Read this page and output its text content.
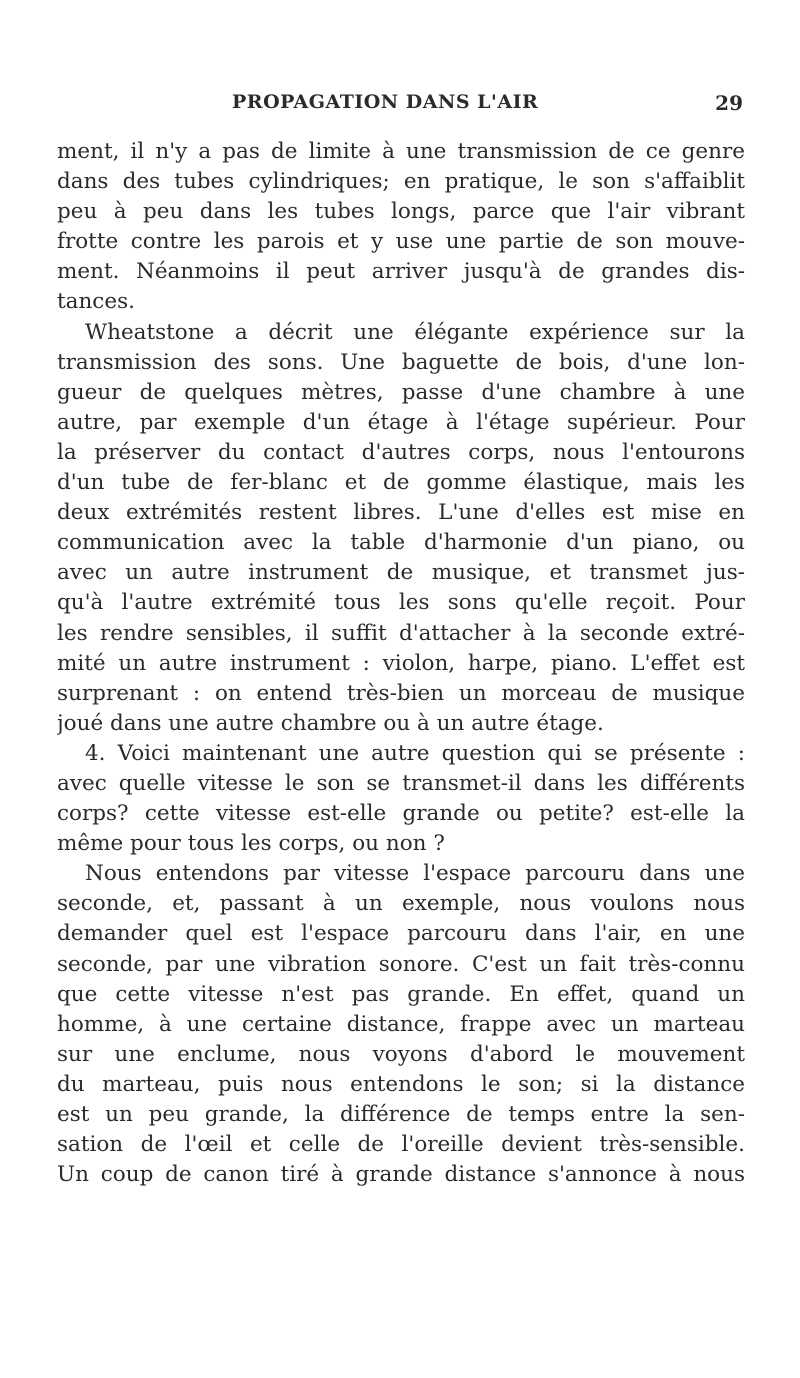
PROPAGATION DANS L'AIR	29
ment, il n'y a pas de limite à une transmission de ce genre
dans des tubes cylindriques; en pratique, le son s'affaiblit
peu à peu dans les tubes longs, parce que l'air vibrant
frotte contre les parois et y use une partie de son mouve-
ment. Néanmoins il peut arriver jusqu'à de grandes dis-
tances.
Wheatstone a décrit une élégante expérience sur la
transmission des sons. Une baguette de bois, d'une lon-
gueur de quelques mètres, passe d'une chambre à une
autre, par exemple d'un étage à l'étage supérieur. Pour
la préserver du contact d'autres corps, nous l'entourons
d'un tube de fer-blanc et de gomme élastique, mais les
deux extrémités restent libres. L'une d'elles est mise en
communication avec la table d'harmonie d'un piano, ou
avec un autre instrument de musique, et transmet jus-
qu'à l'autre extrémité tous les sons qu'elle reçoit. Pour
les rendre sensibles, il suffit d'attacher à la seconde extré-
mité un autre instrument : violon, harpe, piano. L'effet est
surprenant : on entend très-bien un morceau de musique
joué dans une autre chambre ou à un autre étage.
4. Voici maintenant une autre question qui se présente :
avec quelle vitesse le son se transmet-il dans les différents
corps? cette vitesse est-elle grande ou petite? est-elle la
même pour tous les corps, ou non ?
Nous entendons par vitesse l'espace parcouru dans une
seconde, et, passant à un exemple, nous voulons nous
demander quel est l'espace parcouru dans l'air, en une
seconde, par une vibration sonore. C'est un fait très-connu
que cette vitesse n'est pas grande. En effet, quand un
homme, à une certaine distance, frappe avec un marteau
sur une enclume, nous voyons d'abord le mouvement
du marteau, puis nous entendons le son; si la distance
est un peu grande, la différence de temps entre la sen-
sation de l'œil et celle de l'oreille devient très-sensible.
Un coup de canon tiré à grande distance s'annonce à nous
